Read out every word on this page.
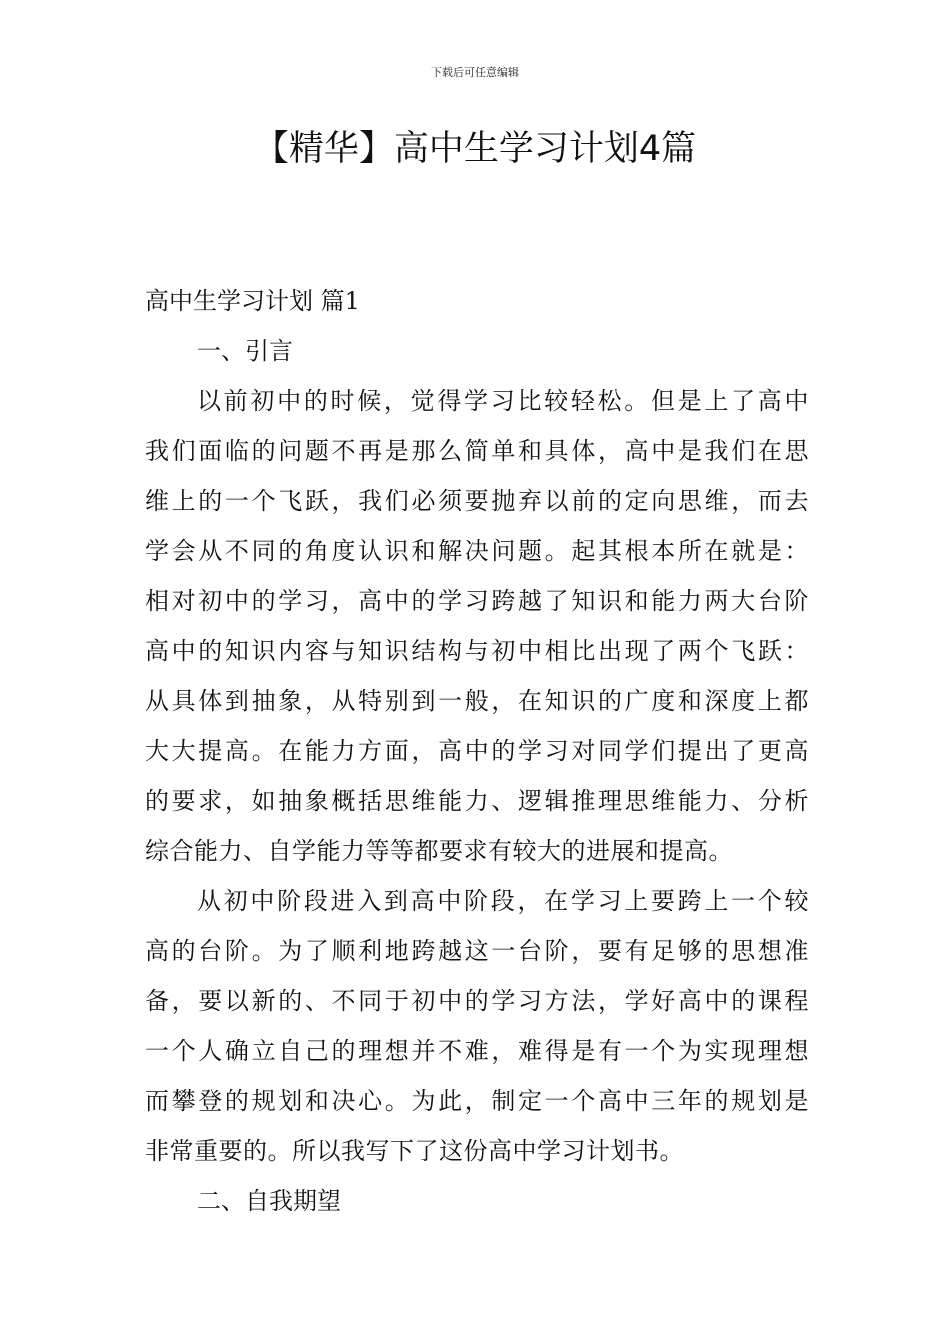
下载后可任意编辑
【精华】高中生学习计划4篇
高中生学习计划 篇1
一、引言
以前初中的时候，觉得学习比较轻松。但是上了高中
我们面临的问题不再是那么简单和具体，高中是我们在思
维上的一个飞跃，我们必须要抛弃以前的定向思维，而去
学会从不同的角度认识和解决问题。起其根本所在就是：
相对初中的学习，高中的学习跨越了知识和能力两大台阶
高中的知识内容与知识结构与初中相比出现了两个飞跃：
从具体到抽象，从特别到一般，在知识的广度和深度上都
大大提高。在能力方面，高中的学习对同学们提出了更高
的要求，如抽象概括思维能力、逻辑推理思维能力、分析
综合能力、自学能力等等都要求有较大的进展和提高。
从初中阶段进入到高中阶段，在学习上要跨上一个较
高的台阶。为了顺利地跨越这一台阶，要有足够的思想准
备，要以新的、不同于初中的学习方法，学好高中的课程
一个人确立自己的理想并不难，难得是有一个为实现理想
而攀登的规划和决心。为此，制定一个高中三年的规划是
非常重要的。所以我写下了这份高中学习计划书。
二、自我期望
